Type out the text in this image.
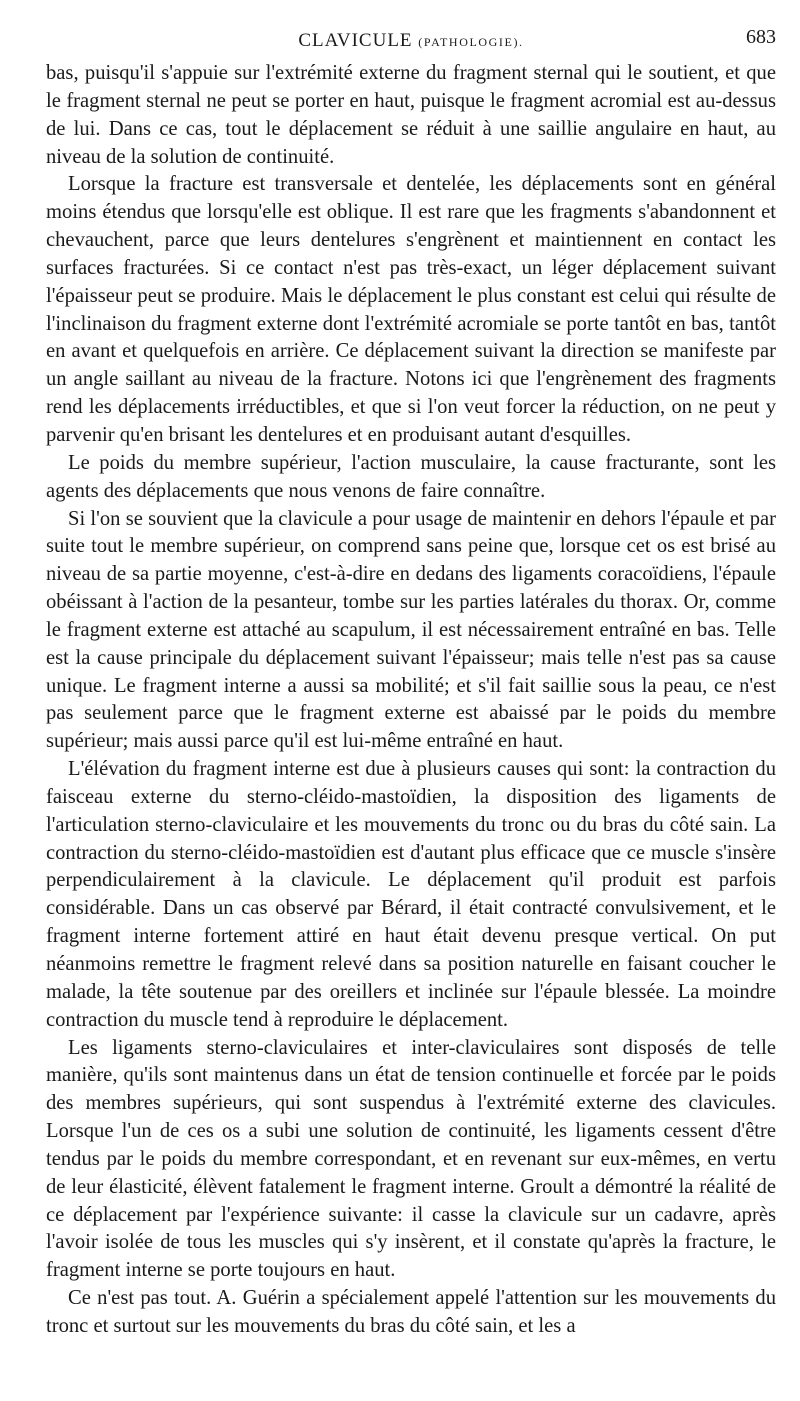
CLAVICULE (PATHOLOGIE).	683

bas, puisqu'il s'appuie sur l'extrémité externe du fragment sternal qui le soutient, et que le fragment sternal ne peut se porter en haut, puisque le fragment acromial est au-dessus de lui. Dans ce cas, tout le déplacement se réduit à une saillie angulaire en haut, au niveau de la solution de continuité.

Lorsque la fracture est transversale et dentelée, les déplacements sont en général moins étendus que lorsqu'elle est oblique. Il est rare que les fragments s'abandonnent et chevauchent, parce que leurs dentelures s'engrènent et maintiennent en contact les surfaces fracturées. Si ce contact n'est pas très-exact, un léger déplacement suivant l'épaisseur peut se produire. Mais le déplacement le plus constant est celui qui résulte de l'inclinaison du fragment externe dont l'extrémité acromiale se porte tantôt en bas, tantôt en avant et quelquefois en arrière. Ce déplacement suivant la direction se manifeste par un angle saillant au niveau de la fracture. Notons ici que l'engrènement des fragments rend les déplacements irréductibles, et que si l'on veut forcer la réduction, on ne peut y parvenir qu'en brisant les dentelures et en produisant autant d'esquilles.

Le poids du membre supérieur, l'action musculaire, la cause fracturante, sont les agents des déplacements que nous venons de faire connaître.

Si l'on se souvient que la clavicule a pour usage de maintenir en dehors l'épaule et par suite tout le membre supérieur, on comprend sans peine que, lorsque cet os est brisé au niveau de sa partie moyenne, c'est-à-dire en dedans des ligaments coracoïdiens, l'épaule obéissant à l'action de la pesanteur, tombe sur les parties latérales du thorax. Or, comme le fragment externe est attaché au scapulum, il est nécessairement entraîné en bas. Telle est la cause principale du déplacement suivant l'épaisseur; mais telle n'est pas sa cause unique. Le fragment interne a aussi sa mobilité; et s'il fait saillie sous la peau, ce n'est pas seulement parce que le fragment externe est abaissé par le poids du membre supérieur; mais aussi parce qu'il est lui-même entraîné en haut.

L'élévation du fragment interne est due à plusieurs causes qui sont: la contraction du faisceau externe du sterno-cléido-mastoïdien, la disposition des ligaments de l'articulation sterno-claviculaire et les mouvements du tronc ou du bras du côté sain. La contraction du sterno-cléido-mastoïdien est d'autant plus efficace que ce muscle s'insère perpendiculairement à la clavicule. Le déplacement qu'il produit est parfois considérable. Dans un cas observé par Bérard, il était contracté convulsivement, et le fragment interne fortement attiré en haut était devenu presque vertical. On put néanmoins remettre le fragment relevé dans sa position naturelle en faisant coucher le malade, la tête soutenue par des oreillers et inclinée sur l'épaule blessée. La moindre contraction du muscle tend à reproduire le déplacement.

Les ligaments sterno-claviculaires et inter-claviculaires sont disposés de telle manière, qu'ils sont maintenus dans un état de tension continuelle et forcée par le poids des membres supérieurs, qui sont suspendus à l'extrémité externe des clavicules. Lorsque l'un de ces os a subi une solution de continuité, les ligaments cessent d'être tendus par le poids du membre correspondant, et en revenant sur eux-mêmes, en vertu de leur élasticité, élèvent fatalement le fragment interne. Groult a démontré la réalité de ce déplacement par l'expérience suivante: il casse la clavicule sur un cadavre, après l'avoir isolée de tous les muscles qui s'y insèrent, et il constate qu'après la fracture, le fragment interne se porte toujours en haut.

Ce n'est pas tout. A. Guérin a spécialement appelé l'attention sur les mouvements du tronc et surtout sur les mouvements du bras du côté sain, et les a
